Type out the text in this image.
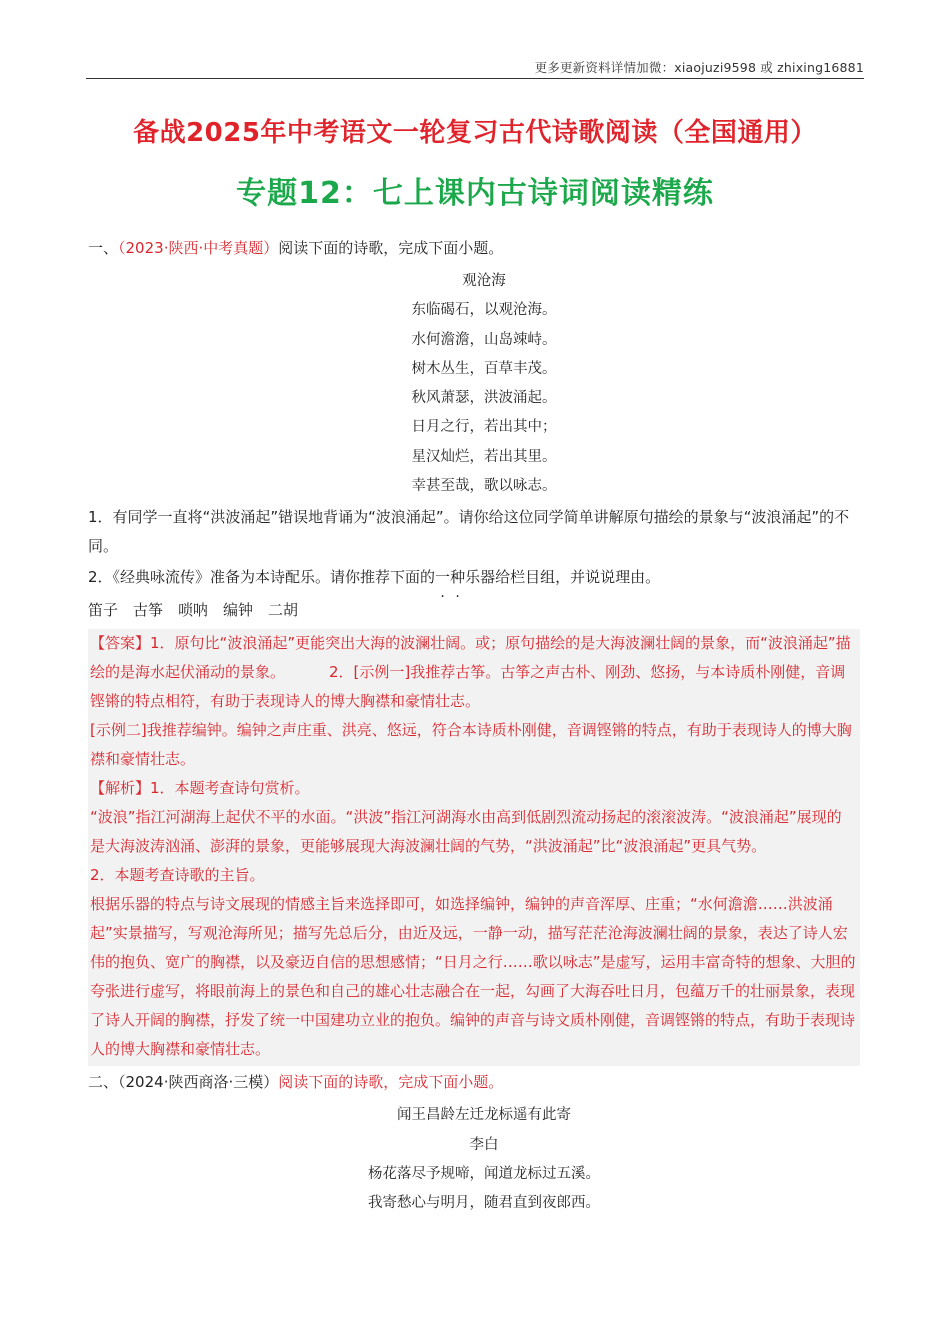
更多更新资料详情加微：xiaojuzi9598 或 zhixing16881
备战2025年中考语文一轮复习古代诗歌阅读（全国通用）
专题12：七上课内古诗词阅读精练
一、（2023·陕西·中考真题）阅读下面的诗歌，完成下面小题。
观沧海
东临碣石，以观沧海。
水何澹澹，山岛竦峙。
树木丛生，百草丰茂。
秋风萧瑟，洪波涌起。
日月之行，若出其中；
星汉灿烂，若出其里。
幸甚至哉，歌以咏志。

1．有同学一直将“洪波涌起”错误地背诵为“波浪涌起”。请你给这位同学简单讲解原句描绘的景象与“波浪涌起”的不同。

2．《经典咏流传》准备为本诗配乐。请你推荐下面的一种乐器给栏目组，并说说理由。

笛子　古筝　唢呐　编钟　二胡

【答案】1．原句比“波浪涌起”更能突出大海的波澜壮阔。或；原句描绘的是大海波澜壮阔的景象，而“波浪涌起”描绘的是海水起伏涌动的景象。	2．[示例一]我推荐古筝。古筝之声古朴、刚劲、悠扬，与本诗质朴刚健，音调铿锵的特点相符，有助于表现诗人的博大胸襟和豪情壮志。

[示例二]我推荐编钟。编钟之声庄重、洪亮、悠远，符合本诗质朴刚健，音调铿锵的特点，有助于表现诗人的博大胸襟和豪情壮志。

【解析】1．本题考查诗句赏析。

“波浪”指江河湖海上起伏不平的水面。“洪波”指江河湖海水由高到低剧烈流动扬起的滚滚波涛。“波浪涌起”展现的是大海波涛汹涌、澎湃的景象，更能够展现大海波澜壮阔的气势，“洪波涌起”比“波浪涌起”更具气势。

2．本题考查诗歌的主旨。

根据乐器的特点与诗文展现的情感主旨来选择即可，如选择编钟，编钟的声音浑厚、庄重；“水何澹澹……洪波涌起”实景描写，写观沧海所见；描写先总后分，由近及远，一静一动，描写茫茫沧海波澜壮阔的景象，表达了诗人宏伟的抱负、宽广的胸襟，以及豪迈自信的思想感情；“日月之行……歌以咏志”是虚写，运用丰富奇特的想象、大胆的夸张进行虚写，将眼前海上的景色和自己的雄心壮志融合在一起，勾画了大海吞吐日月，包蕴万千的壮丽景象，表现了诗人开阔的胸襟，抒发了统一中国建功立业的抱负。编钟的声音与诗文质朴刚健，音调铿锵的特点，有助于表现诗人的博大胸襟和豪情壮志。

二、（2024·陕西商洛·三模）阅读下面的诗歌，完成下面小题。
闻王昌龄左迁龙标遥有此寄
李白
杨花落尽予规啼，闻道龙标过五溪。
我寄愁心与明月，随君直到夜郎西。
